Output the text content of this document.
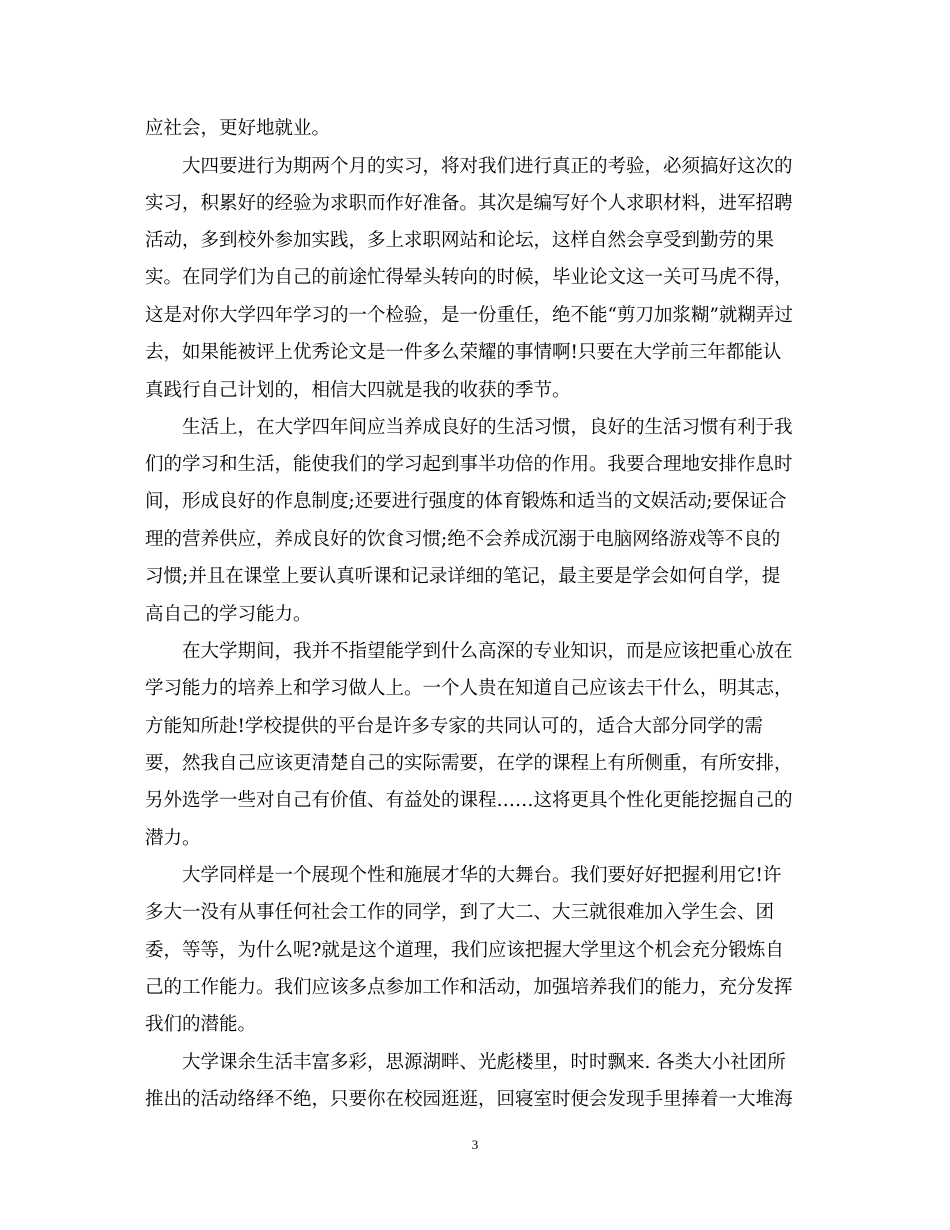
应社会，更好地就业。
　　大四要进行为期两个月的实习，将对我们进行真正的考验，必须搞好这次的
实习，积累好的经验为求职而作好准备。其次是编写好个人求职材料，进军招聘
活动，多到校外参加实践，多上求职网站和论坛，这样自然会享受到勤劳的果
实。在同学们为自己的前途忙得晕头转向的时候，毕业论文这一关可马虎不得，
这是对你大学四年学习的一个检验，是一份重任，绝不能“剪刀加浆糊”就糊弄过
去，如果能被评上优秀论文是一件多么荣耀的事情啊!只要在大学前三年都能认
真践行自己计划的，相信大四就是我的收获的季节。
　　生活上，在大学四年间应当养成良好的生活习惯，良好的生活习惯有利于我
们的学习和生活，能使我们的学习起到事半功倍的作用。我要合理地安排作息时
间，形成良好的作息制度;还要进行强度的体育锻炼和适当的文娱活动;要保证合
理的营养供应，养成良好的饮食习惯;绝不会养成沉溺于电脑网络游戏等不良的
习惯;并且在课堂上要认真听课和记录详细的笔记，最主要是学会如何自学，提
高自己的学习能力。
　　在大学期间，我并不指望能学到什么高深的专业知识，而是应该把重心放在
学习能力的培养上和学习做人上。一个人贵在知道自己应该去干什么，明其志，
方能知所赴!学校提供的平台是许多专家的共同认可的，适合大部分同学的需
要，然我自己应该更清楚自己的实际需要，在学的课程上有所侧重，有所安排，
另外选学一些对自己有价值、有益处的课程……这将更具个性化更能挖掘自己的
潜力。
　　大学同样是一个展现个性和施展才华的大舞台。我们要好好把握利用它!许
多大一没有从事任何社会工作的同学，到了大二、大三就很难加入学生会、团
委，等等，为什么呢?就是这个道理，我们应该把握大学里这个机会充分锻炼自
己的工作能力。我们应该多点参加工作和活动，加强培养我们的能力，充分发挥
我们的潜能。
　　大学课余生活丰富多彩，思源湖畔、光彪楼里，时时飘来. 各类大小社团所
推出的活动络绎不绝，只要你在校园逛逛，回寝室时便会发现手里捧着一大堆海
3
